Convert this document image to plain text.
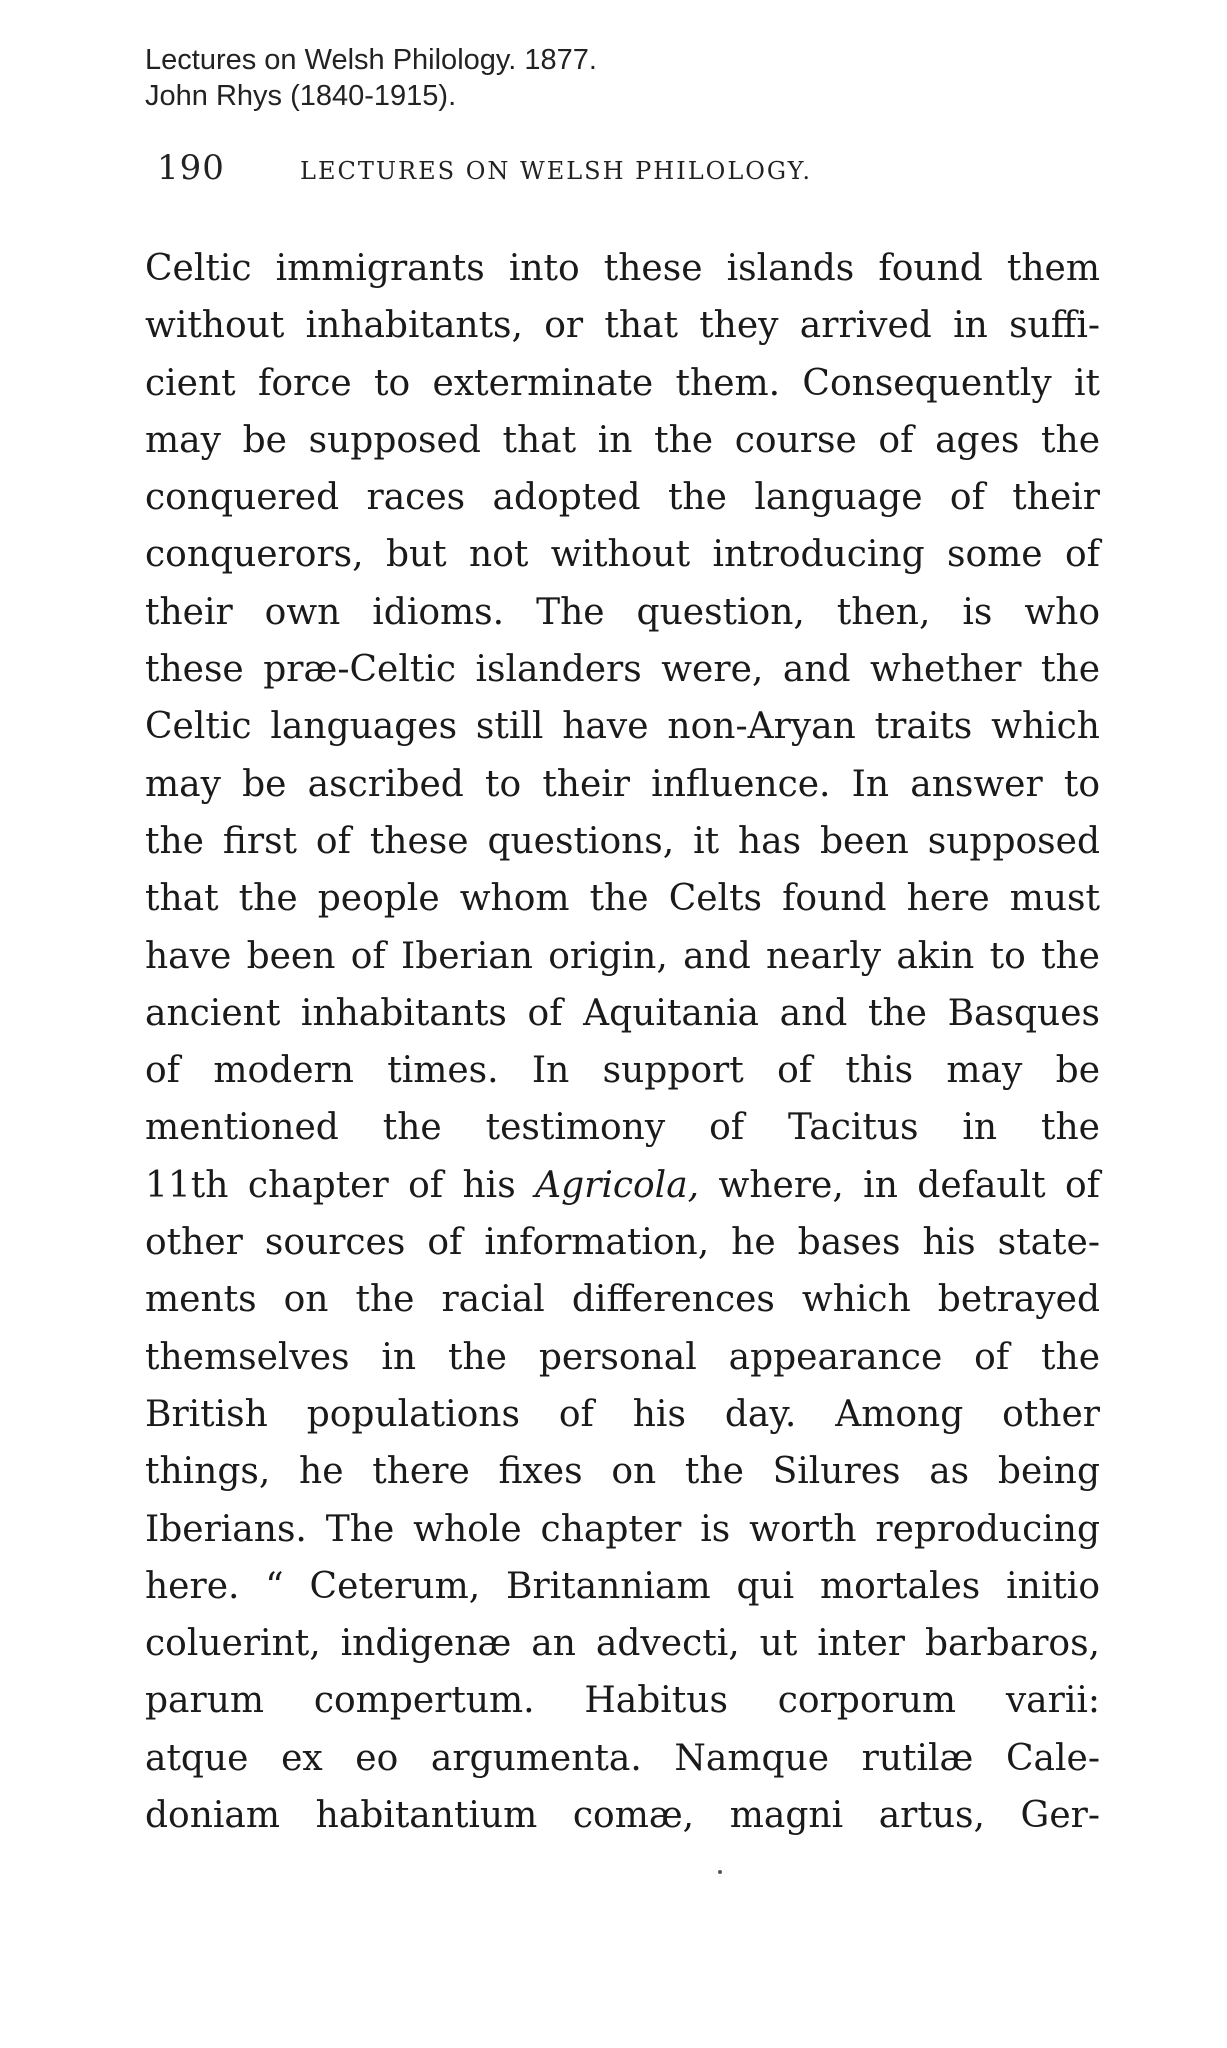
Lectures on Welsh Philology. 1877.
John Rhys (1840-1915).
190	LECTURES ON WELSH PHILOLOGY.
Celtic immigrants into these islands found them
without inhabitants, or that they arrived in suffi-
cient force to exterminate them. Consequently it
may be supposed that in the course of ages the
conquered races adopted the language of their
conquerors, but not without introducing some of
their own idioms. The question, then, is who
these præ-Celtic islanders were, and whether the
Celtic languages still have non-Aryan traits which
may be ascribed to their influence. In answer to
the first of these questions, it has been supposed
that the people whom the Celts found here must
have been of Iberian origin, and nearly akin to the
ancient inhabitants of Aquitania and the Basques
of modern times. In support of this may be
mentioned the testimony of Tacitus in the
11th chapter of his Agricola, where, in default of
other sources of information, he bases his state-
ments on the racial differences which betrayed
themselves in the personal appearance of the
British populations of his day. Among other
things, he there fixes on the Silures as being
Iberians. The whole chapter is worth reproducing
here. “ Ceterum, Britanniam qui mortales initio
coluerint, indigenæ an advecti, ut inter barbaros,
parum compertum. Habitus corporum varii:
atque ex eo argumenta. Namque rutilæ Cale-
doniam habitantium comæ, magni artus, Ger-
